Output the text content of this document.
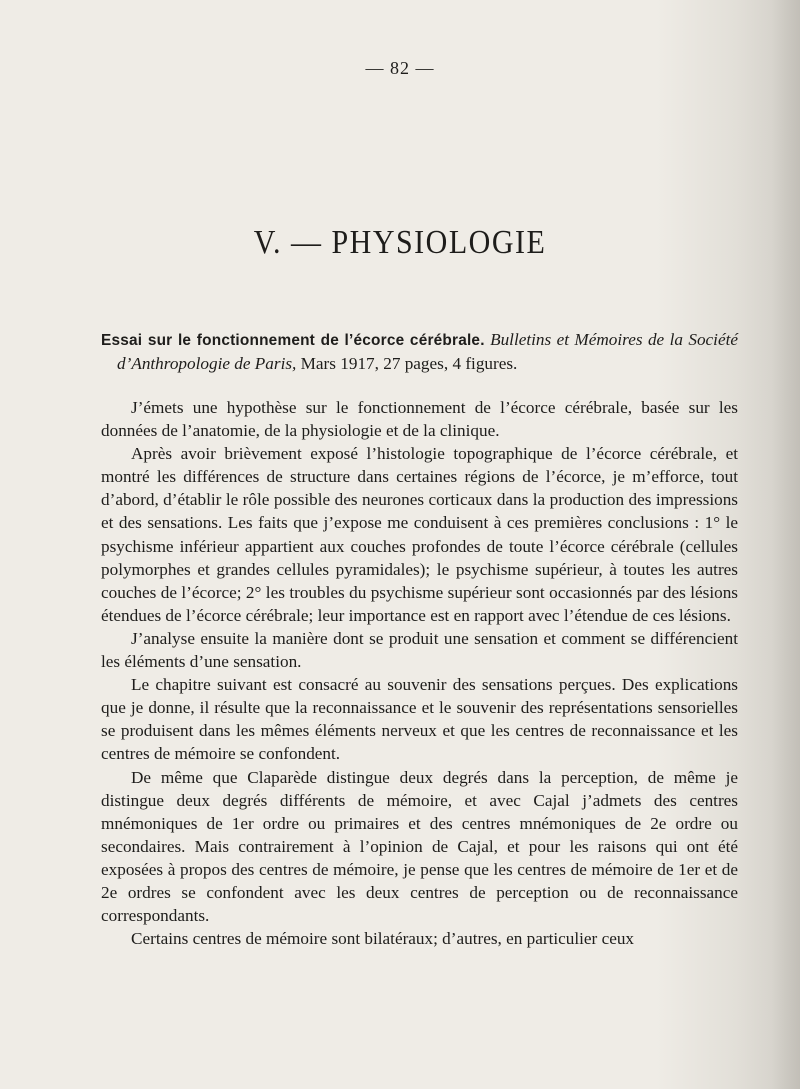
— 82 —
V. — PHYSIOLOGIE

Essai sur le fonctionnement de l’écorce cérébrale. Bulletins et Mémoires de la Société d’Anthropologie de Paris, Mars 1917, 27 pages, 4 figures.

J’émets une hypothèse sur le fonctionnement de l’écorce cérébrale, basée sur les données de l’anatomie, de la physiologie et de la clinique.

Après avoir brièvement exposé l’histologie topographique de l’écorce cérébrale, et montré les différences de structure dans certaines régions de l’écorce, je m’efforce, tout d’abord, d’établir le rôle possible des neurones corticaux dans la production des impressions et des sensations. Les faits que j’expose me conduisent à ces premières conclusions : 1° le psychisme inférieur appartient aux couches profondes de toute l’écorce cérébrale (cellules polymorphes et grandes cellules pyramidales); le psychisme supérieur, à toutes les autres couches de l’écorce; 2° les troubles du psychisme supérieur sont occasionnés par des lésions étendues de l’écorce cérébrale; leur importance est en rapport avec l’étendue de ces lésions.

J’analyse ensuite la manière dont se produit une sensation et comment se différencient les éléments d’une sensation.

Le chapitre suivant est consacré au souvenir des sensations perçues. Des explications que je donne, il résulte que la reconnaissance et le souvenir des représentations sensorielles se produisent dans les mêmes éléments nerveux et que les centres de reconnaissance et les centres de mémoire se confondent.

De même que Claparède distingue deux degrés dans la perception, de même je distingue deux degrés différents de mémoire, et avec Cajal j’admets des centres mnémoniques de 1er ordre ou primaires et des centres mnémoniques de 2e ordre ou secondaires. Mais contrairement à l’opinion de Cajal, et pour les raisons qui ont été exposées à propos des centres de mémoire, je pense que les centres de mémoire de 1er et de 2e ordres se confondent avec les deux centres de perception ou de reconnaissance correspondants.

Certains centres de mémoire sont bilatéraux; d’autres, en particulier ceux
